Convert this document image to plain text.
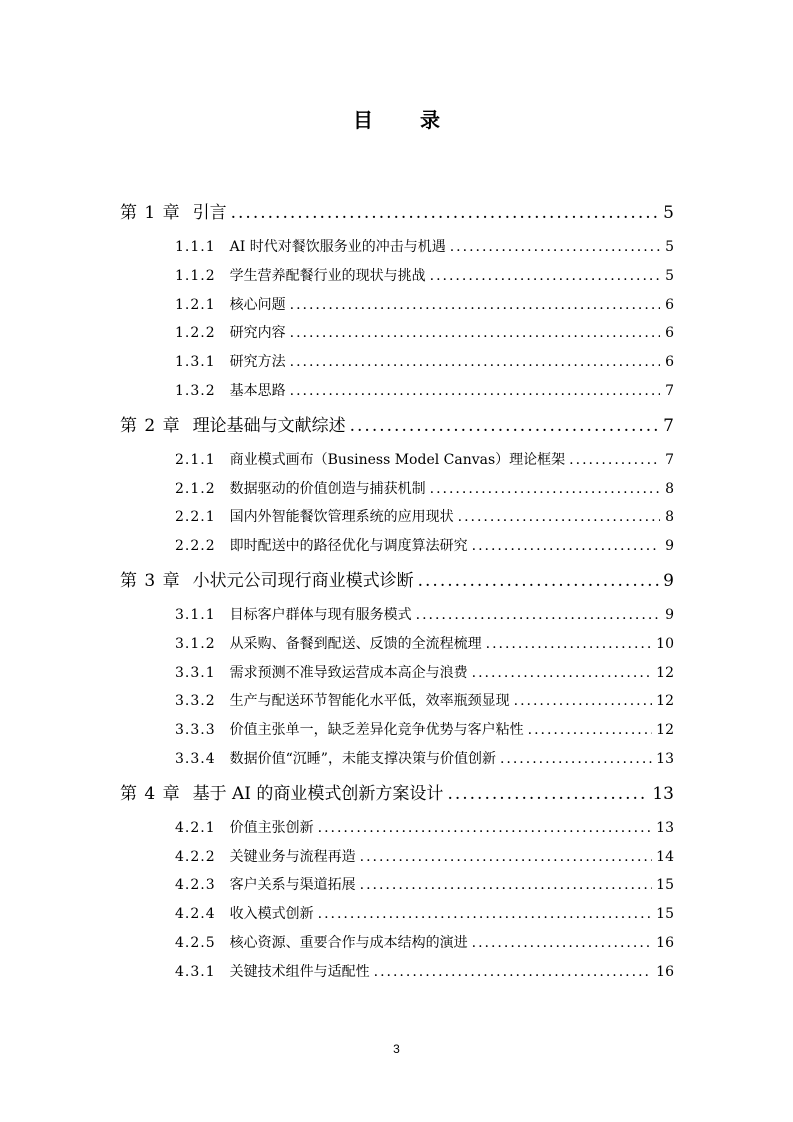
目 录
第 1 章 引言 .....	5
1.1.1 AI 时代对餐饮服务业的冲击与机遇 .....	5
1.1.2 学生营养配餐行业的现状与挑战 .....	5
1.2.1 核心问题 .....	6
1.2.2 研究内容 .....	6
1.3.1 研究方法 .....	6
1.3.2 基本思路 .....	7
第 2 章 理论基础与文献综述 .....	7
2.1.1 商业模式画布（Business Model Canvas）理论框架 .....	7
2.1.2 数据驱动的价值创造与捕获机制 .....	8
2.2.1 国内外智能餐饮管理系统的应用现状 .....	8
2.2.2 即时配送中的路径优化与调度算法研究 .....	9
第 3 章 小状元公司现行商业模式诊断 .....	9
3.1.1 目标客户群体与现有服务模式 .....	9
3.1.2 从采购、备餐到配送、反馈的全流程梳理 .....	10
3.3.1 需求预测不准导致运营成本高企与浪费 .....	12
3.3.2 生产与配送环节智能化水平低，效率瓶颈显现 .....	12
3.3.3 价值主张单一，缺乏差异化竞争优势与客户粘性 .....	12
3.3.4 数据价值“沉睡”，未能支撑决策与价值创新 .....	13
第 4 章 基于 AI 的商业模式创新方案设计 .....	13
4.2.1 价值主张创新 .....	13
4.2.2 关键业务与流程再造 .....	14
4.2.3 客户关系与渠道拓展 .....	15
4.2.4 收入模式创新 .....	15
4.2.5 核心资源、重要合作与成本结构的演进 .....	16
4.3.1 关键技术组件与适配性 .....	16
3
